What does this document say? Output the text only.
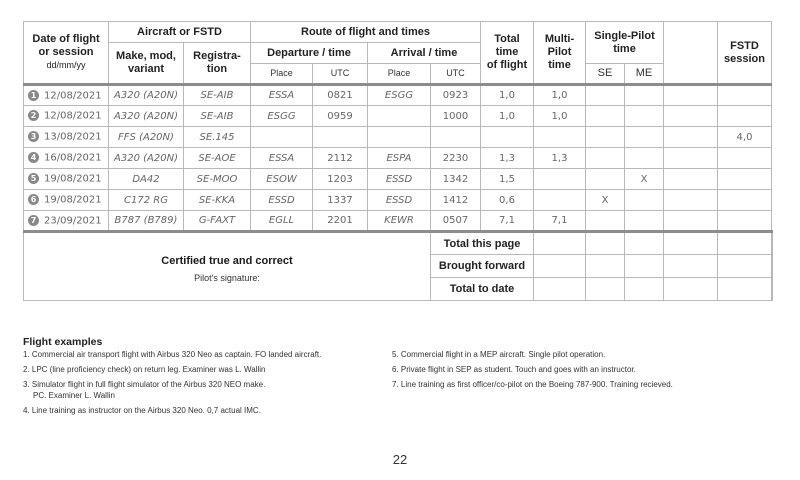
Date of flight
or session
dd/mm/yy	Aircraft or FSTD		Route of flight and times				Total
time
of flight	Multi-
Pilot
time	Single-Pilot
time			FSTD
session	
	Make, mod,
variant	Registra-
tion	Departure / time		Arrival / time								
			Place	UTC	Place	UTC			SE	ME			
1 12/08/2021	A320 (A20N)	SE-AIB	ESSA	0821	ESGG	0923	1,0	1,0					
2 12/08/2021	A320 (A20N)	SE-AIB	ESGG	0959		1000	1,0	1,0					
3 13/08/2021	FFS (A20N)	SE.145										4,0	
4 16/08/2021	A320 (A20N)	SE-AOE	ESSA	2112	ESPA	2230	1,3	1,3					
5 19/08/2021	DA42	SE-MOO	ESOW	1203	ESSD	1342	1,5			X			
6 19/08/2021	C172 RG	SE-KKA	ESSD	1337	ESSD	1412	0,6		X				
7 23/09/2021	B787 (B789)	G-FAXT	EGLL	2201	KEWR	0507	7,1	7,1					

Certified true and correct
Pilot's signature:						Total this page							
						Brought forward							
						Total to date							
Flight examples
1. Commercial air transport flight with Airbus 320 Neo as captain. FO landed aircraft.
2. LPC (line proficiency check) on return leg. Examiner was L. Wallin
3. Simulator flight in full flight simulator of the Airbus 320 NEO make.
PC. Examiner L. Wallin
4. Line training as instructor on the Airbus 320 Neo. 0,7 actual IMC.
5. Commercial flight in a MEP aircraft. Single pilot operation.
6. Private flight in SEP as student. Touch and goes with an instructor.
7. Line training as first officer/co-pilot on the Boeing 787-900. Training recieved.
22
